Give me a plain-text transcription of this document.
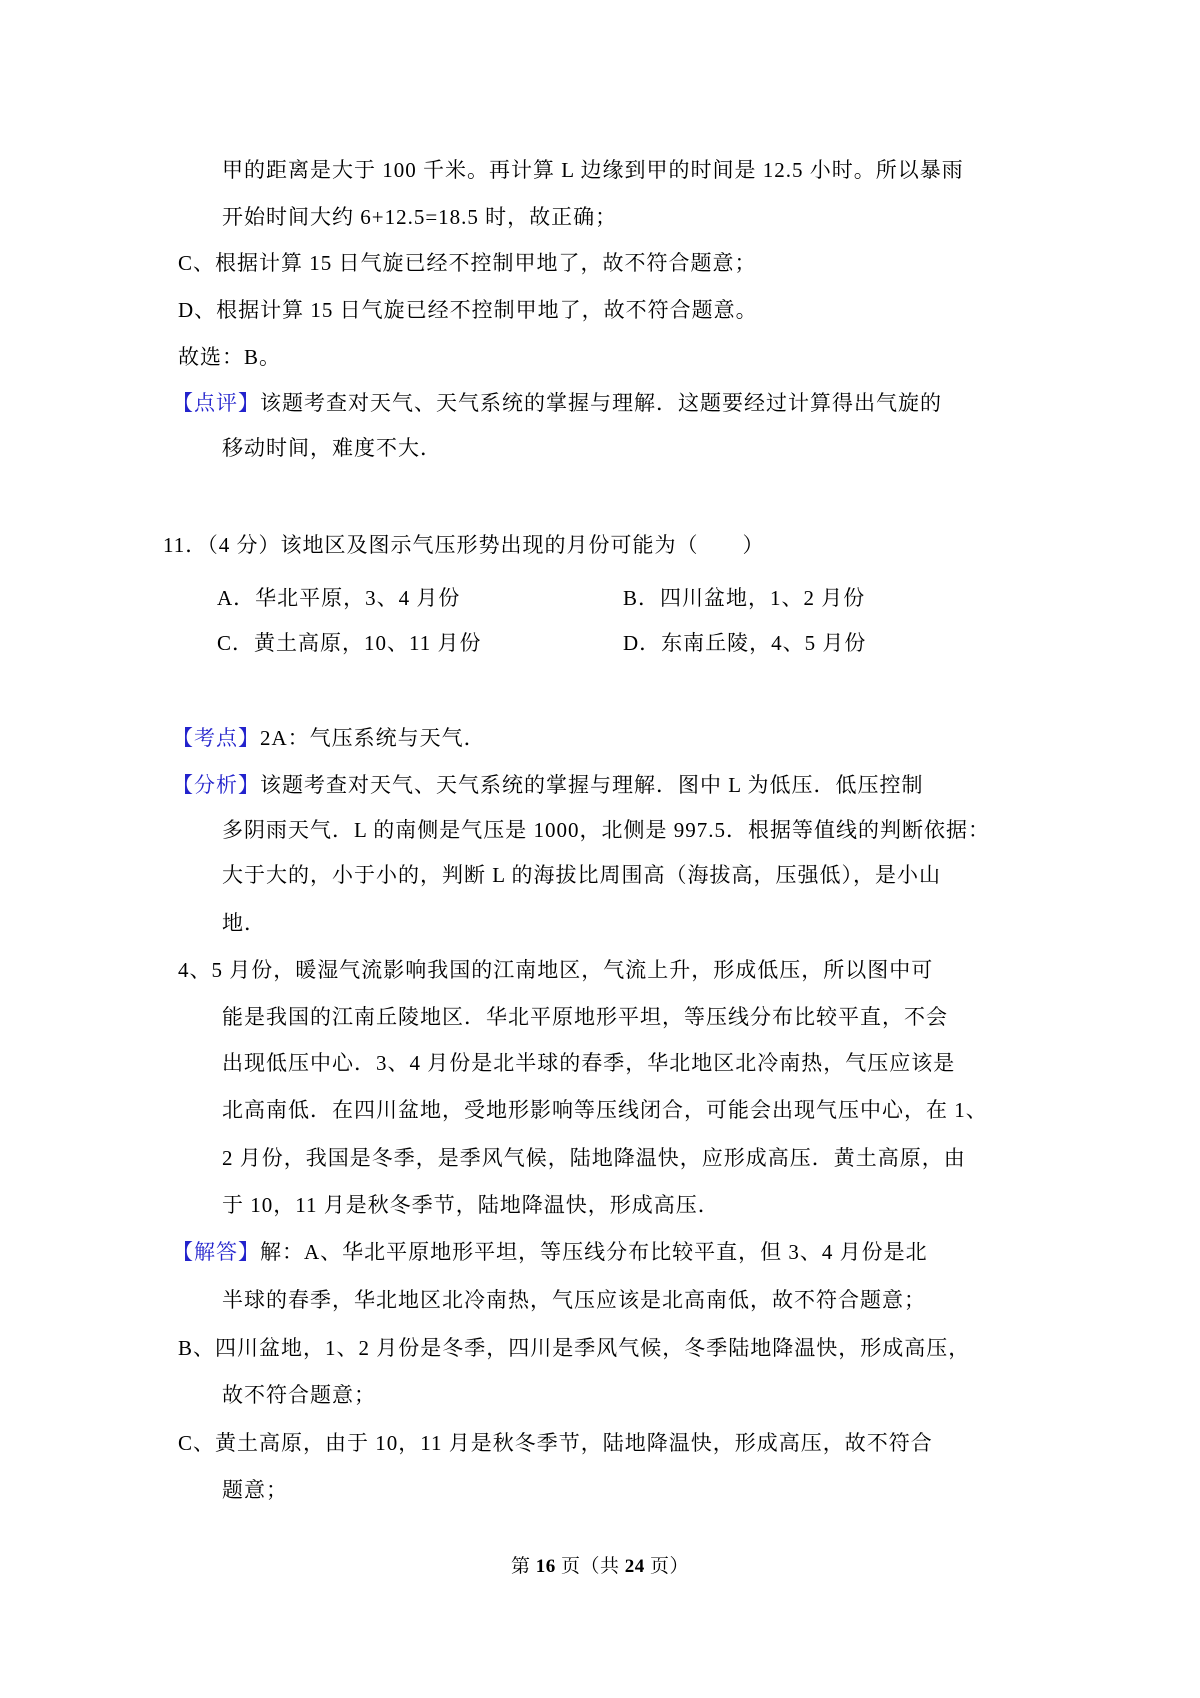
甲的距离是大于 100 千米。再计算 L 边缘到甲的时间是 12.5 小时。所以暴雨
开始时间大约 6+12.5=18.5 时，故正确；
C、根据计算 15 日气旋已经不控制甲地了，故不符合题意；
D、根据计算 15 日气旋已经不控制甲地了，故不符合题意。
故选：B。
【点评】该题考查对天气、天气系统的掌握与理解．这题要经过计算得出气旋的
移动时间，难度不大．
11．（4 分）该地区及图示气压形势出现的月份可能为（　　）
A．华北平原，3、4 月份	B．四川盆地，1、2 月份
C．黄土高原，10、11 月份	D．东南丘陵，4、5 月份
【考点】2A：气压系统与天气．
【分析】该题考查对天气、天气系统的掌握与理解．图中 L 为低压．低压控制
多阴雨天气．L 的南侧是气压是 1000，北侧是 997.5．根据等值线的判断依据：
大于大的，小于小的，判断 L 的海拔比周围高（海拔高，压强低），是小山
地．
4、5 月份，暖湿气流影响我国的江南地区，气流上升，形成低压，所以图中可
能是我国的江南丘陵地区．华北平原地形平坦，等压线分布比较平直，不会
出现低压中心．3、4 月份是北半球的春季，华北地区北冷南热，气压应该是
北高南低．在四川盆地，受地形影响等压线闭合，可能会出现气压中心，在 1、
2 月份，我国是冬季，是季风气候，陆地降温快，应形成高压．黄土高原，由
于 10，11 月是秋冬季节，陆地降温快，形成高压．
【解答】解：A、华北平原地形平坦，等压线分布比较平直，但 3、4 月份是北
半球的春季，华北地区北冷南热，气压应该是北高南低，故不符合题意；
B、四川盆地，1、2 月份是冬季，四川是季风气候，冬季陆地降温快，形成高压，
故不符合题意；
C、黄土高原，由于 10，11 月是秋冬季节，陆地降温快，形成高压，故不符合
题意；
第 16 页（共 24 页）
